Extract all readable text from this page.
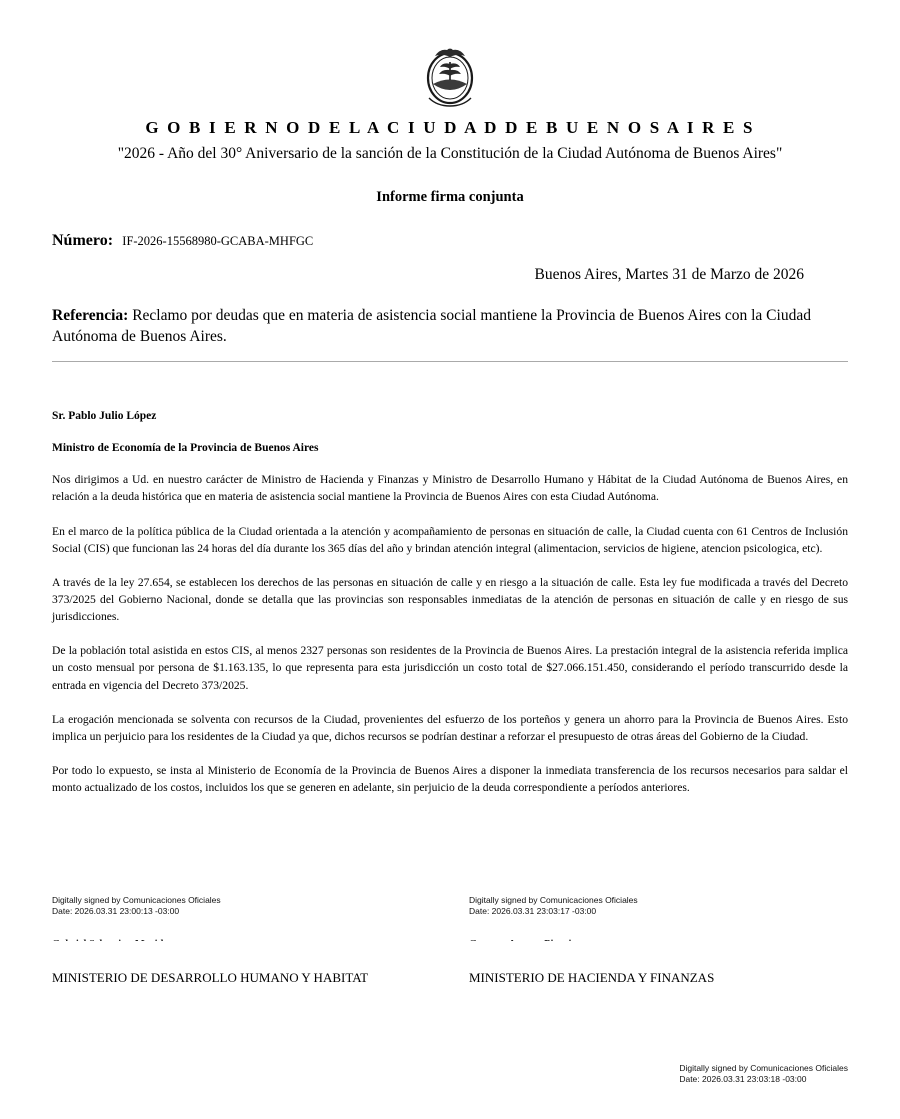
G O B I E R N O D E L A C I U D A D D E B U E N O S A I R E S
"2026 - Año del 30° Aniversario de la sanción de la Constitución de la Ciudad Autónoma de Buenos Aires"
Informe firma conjunta
Número: IF-2026-15568980-GCABA-MHFGC
Buenos Aires, Martes 31 de Marzo de 2026
Referencia: Reclamo por deudas que en materia de asistencia social mantiene la Provincia de Buenos Aires con la Ciudad Autónoma de Buenos Aires.
Sr. Pablo Julio López
Ministro de Economía de la Provincia de Buenos Aires

Nos dirigimos a Ud. en nuestro carácter de Ministro de Hacienda y Finanzas y Ministro de Desarrollo Humano y Hábitat de la Ciudad Autónoma de Buenos Aires, en relación a la deuda histórica que en materia de asistencia social mantiene la Provincia de Buenos Aires con esta Ciudad Autónoma.

En el marco de la política pública de la Ciudad orientada a la atención y acompañamiento de personas en situación de calle, la Ciudad cuenta con 61 Centros de Inclusión Social (CIS) que funcionan las 24 horas del día durante los 365 días del año y brindan atención integral (alimentacion, servicios de higiene, atencion psicologica, etc).

A través de la ley 27.654, se establecen los derechos de las personas en situación de calle y en riesgo a la situación de calle. Esta ley fue modificada a través del Decreto 373/2025 del Gobierno Nacional, donde se detalla que las provincias son responsables inmediatas de la atención de personas en situación de calle y en riesgo de sus jurisdicciones.

De la población total asistida en estos CIS, al menos 2327 personas son residentes de la Provincia de Buenos Aires. La prestación integral de la asistencia referida implica un costo mensual por persona de $1.163.135, lo que representa para esta jurisdicción un costo total de $27.066.151.450, considerando el período transcurrido desde la entrada en vigencia del Decreto 373/2025.

La erogación mencionada se solventa con recursos de la Ciudad, provenientes del esfuerzo de los porteños y genera un ahorro para la Provincia de Buenos Aires. Esto implica un perjuicio para los residentes de la Ciudad ya que, dichos recursos se podrían destinar a reforzar el presupuesto de otras áreas del Gobierno de la Ciudad.

Por todo lo expuesto, se insta al Ministerio de Economía de la Provincia de Buenos Aires a disponer la inmediata transferencia de los recursos necesarios para saldar el monto actualizado de los costos, incluidos los que se generen en adelante, sin perjuicio de la deuda correspondiente a períodos anteriores.

Digitally signed by Comunicaciones Oficiales
Date: 2026.03.31 23:00:13 -03:00
MINISTERIO DE DESARROLLO HUMANO Y HABITAT
Digitally signed by Comunicaciones Oficiales
Date: 2026.03.31 23:03:17 -03:00
MINISTERIO DE HACIENDA Y FINANZAS
Digitally signed by Comunicaciones Oficiales
Date: 2026.03.31 23:03:18 -03:00
